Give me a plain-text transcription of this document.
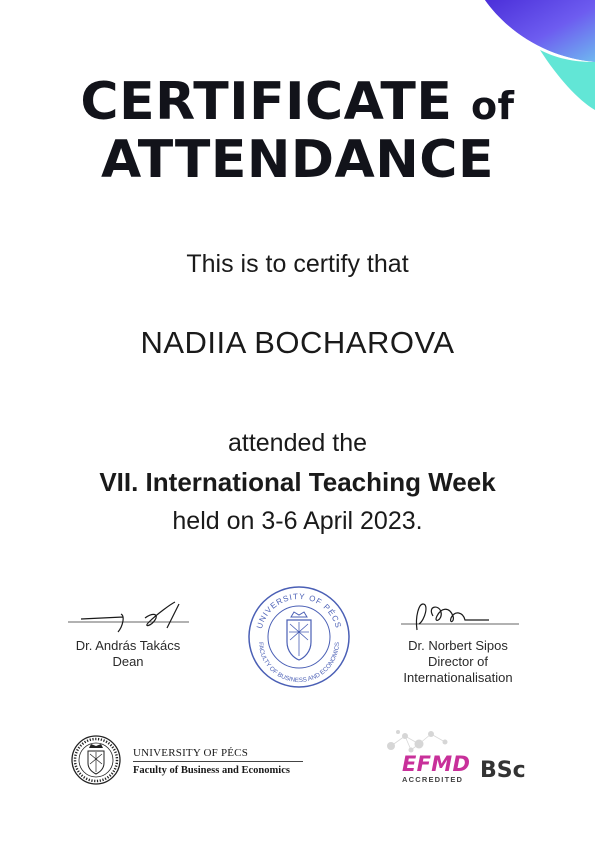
CERTIFICATE of
ATTENDANCE
This is to certify that
NADIIA BOCHAROVA
attended the
VII. International Teaching Week
held on 3-6 April 2023.
Dr. András Takács
Dean
UNIVERSITY OF PÉCS
FACULTY OF BUSINESS AND ECONOMICS	Dr. Norbert Sipos
Director of
Internationalisation
UNIVERSITY OF PÉCS
Faculty of Business and Economics	EFMD
ACCREDITED BSc
